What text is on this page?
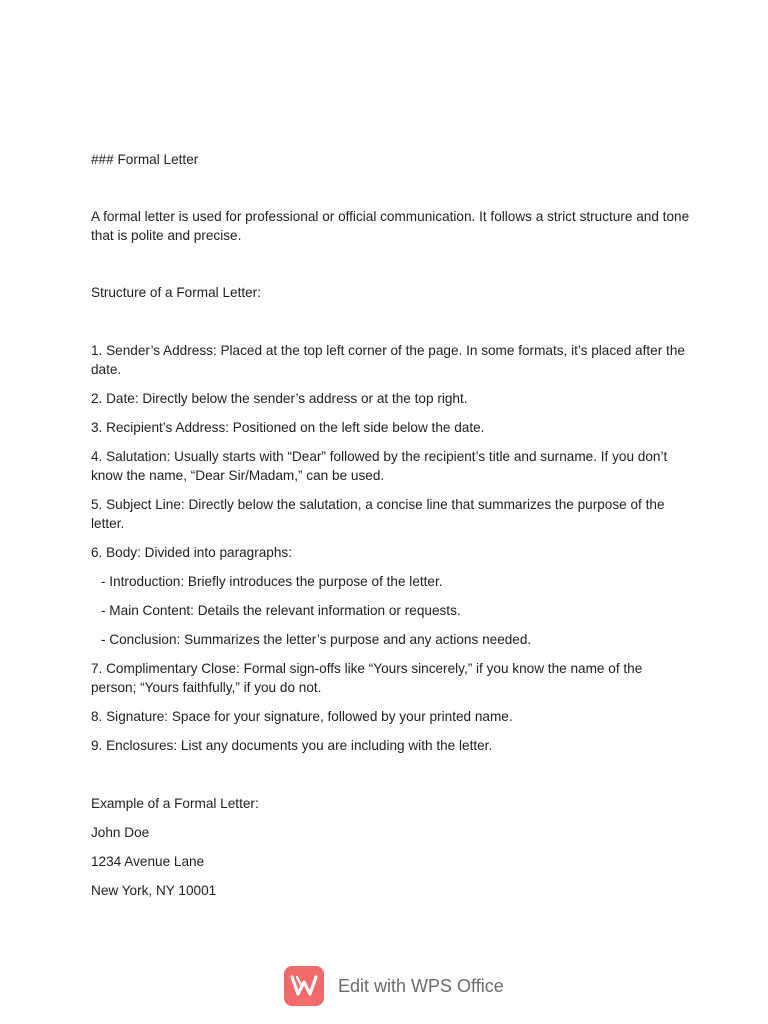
### Formal Letter

A formal letter is used for professional or official communication. It follows a strict structure and tone that is polite and precise.

Structure of a Formal Letter:

1. Sender’s Address: Placed at the top left corner of the page. In some formats, it’s placed after the date.

2. Date: Directly below the sender’s address or at the top right.

3. Recipient’s Address: Positioned on the left side below the date.

4. Salutation: Usually starts with “Dear” followed by the recipient’s title and surname. If you don’t know the name, “Dear Sir/Madam,” can be used.

5. Subject Line: Directly below the salutation, a concise line that summarizes the purpose of the letter.

6. Body: Divided into paragraphs:

- Introduction: Briefly introduces the purpose of the letter.

- Main Content: Details the relevant information or requests.

- Conclusion: Summarizes the letter’s purpose and any actions needed.

7. Complimentary Close: Formal sign-offs like “Yours sincerely,” if you know the name of the person; “Yours faithfully,” if you do not.

8. Signature: Space for your signature, followed by your printed name.

9. Enclosures: List any documents you are including with the letter.

Example of a Formal Letter:

John Doe

1234 Avenue Lane

New York, NY 10001

Edit with WPS Office
